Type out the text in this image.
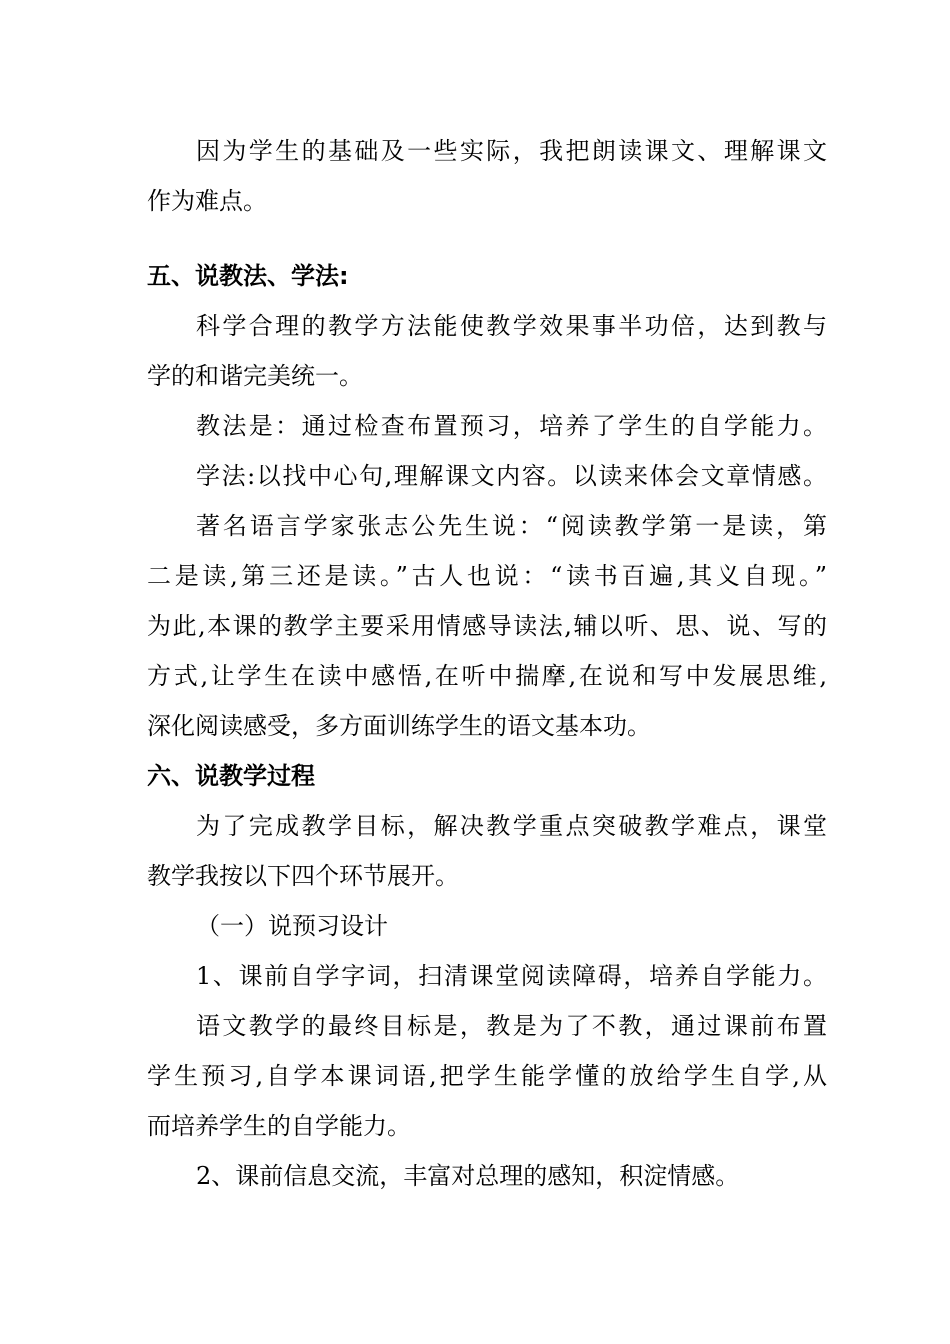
因为学生的基础及一些实际，我把朗读课文、理解课文
作为难点。
五、说教法、学法:
科学合理的教学方法能使教学效果事半功倍，达到教与
学的和谐完美统一。
教法是：通过检查布置预习，培养了学生的自学能力。
学法:以找中心句,理解课文内容。以读来体会文章情感。
著名语言学家张志公先生说：“阅读教学第一是读，第
二是读,第三还是读。”古人也说：“读书百遍,其义自现。”
为此,本课的教学主要采用情感导读法,辅以听、思、说、写的
方式,让学生在读中感悟,在听中揣摩,在说和写中发展思维,
深化阅读感受，多方面训练学生的语文基本功。
六、说教学过程
为了完成教学目标，解决教学重点突破教学难点，课堂
教学我按以下四个环节展开。
（一）说预习设计
1、课前自学字词，扫清课堂阅读障碍，培养自学能力。
语文教学的最终目标是，教是为了不教，通过课前布置
学生预习,自学本课词语,把学生能学懂的放给学生自学,从
而培养学生的自学能力。
2、课前信息交流，丰富对总理的感知，积淀情感。
